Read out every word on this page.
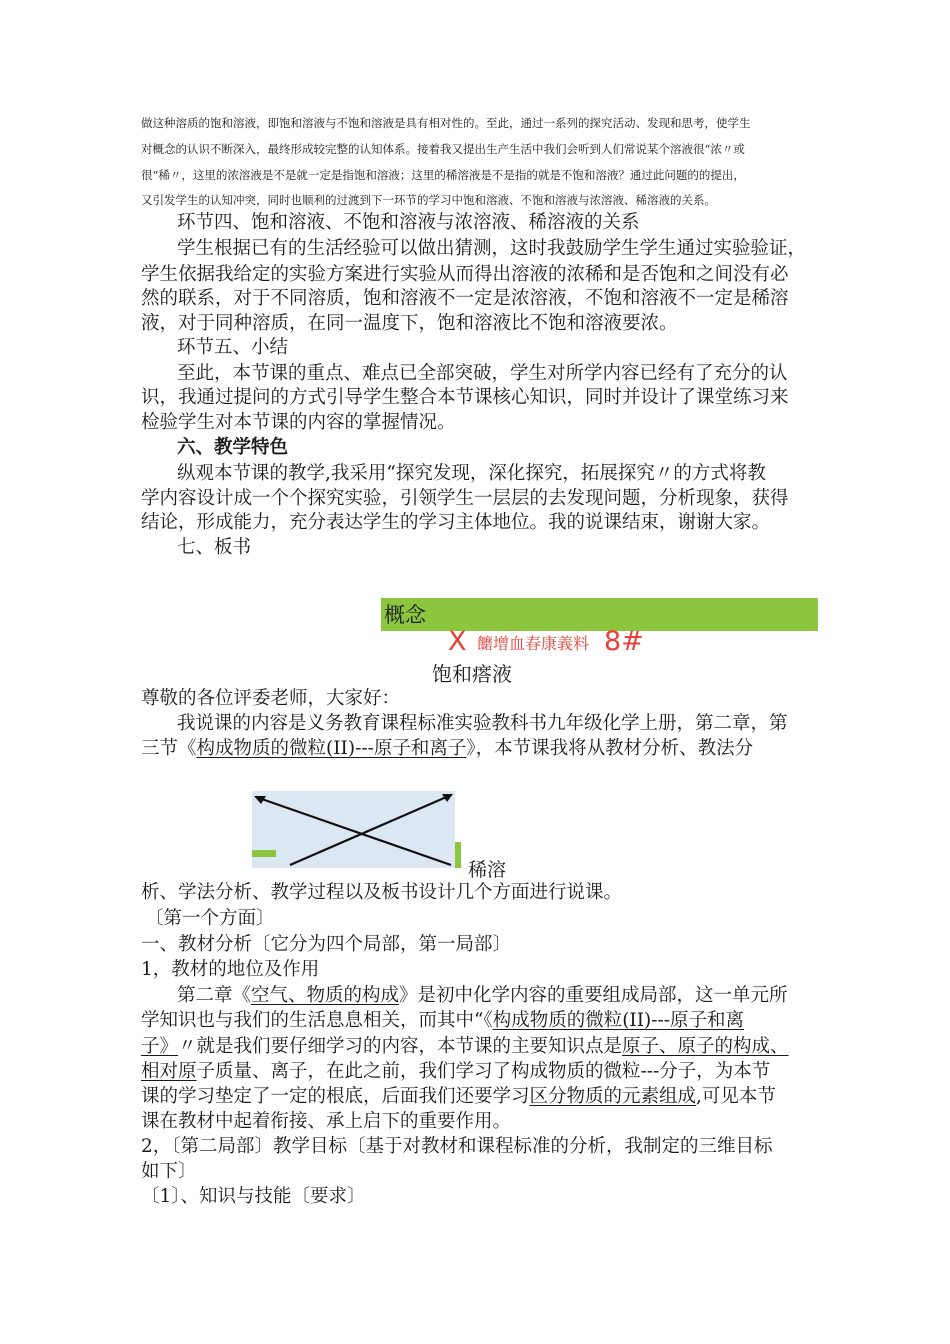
做这种溶质的饱和溶液，即饱和溶液与不饱和溶液是具有相对性的。至此，通过一系列的探究活动、发现和思考，使学生
对概念的认识不断深入，最终形成较完整的认知体系。接着我又提出生产生活中我们会听到人们常说某个溶液很“浓〃或
很“稀〃，这里的浓溶液是不是就一定是指饱和溶液；这里的稀溶液是不是指的就是不饱和溶液？通过此问题的的提出，
又引发学生的认知冲突，同时也顺利的过渡到下一环节的学习中饱和溶液、不饱和溶液与浓溶液、稀溶液的关系。
环节四、饱和溶液、不饱和溶液与浓溶液、稀溶液的关系
学生根据已有的生活经验可以做出猜测，这时我鼓励学生学生通过实验验证，
学生依据我给定的实验方案进行实验从而得出溶液的浓稀和是否饱和之间没有必
然的联系，对于不同溶质，饱和溶液不一定是浓溶液，不饱和溶液不一定是稀溶
液，对于同种溶质，在同一温度下，饱和溶液比不饱和溶液要浓。
环节五、小结
至此，本节课的重点、难点已全部突破，学生对所学内容已经有了充分的认
识，我通过提问的方式引导学生整合本节课核心知识，同时并设计了课堂练习来
检验学生对本节课的内容的掌握情况。
六、教学特色
纵观本节课的教学,我采用“探究发现，深化探究，拓展探究〃的方式将教
学内容设计成一个个探究实验，引领学生一层层的去发现问题，分析现象，获得
结论，形成能力，充分表达学生的学习主体地位。我的说课结束，谢谢大家。
七、板书
概念
X 饝增血春康義料 8#
饱和瘩液
尊敬的各位评委老师，大家好：
我说课的内容是义务教育课程标准实验教科书九年级化学上册，第二章，第
三节《构成物质的微粒(II)---原子和离子》，本节课我将从教材分析、教法分
稀溶
析、学法分析、教学过程以及板书设计几个方面进行说课。
〔第一个方面〕
一、教材分析〔它分为四个局部，第一局部〕
1，教材的地位及作用
第二章《空气、物质的构成》是初中化学内容的重要组成局部，这一单元所
学知识也与我们的生活息息相关，而其中“《构成物质的微粒(II)---原子和离
子》〃就是我们要仔细学习的内容，本节课的主要知识点是原子、原子的构成、
相对原子质量、离子，在此之前，我们学习了构成物质的微粒---分子，为本节
课的学习垫定了一定的根底，后面我们还要学习区分物质的元素组成,可见本节
课在教材中起着衔接、承上启下的重要作用。
2，〔第二局部〕教学目标〔基于对教材和课程标准的分析，我制定的三维目标
如下〕
〔1〕、知识与技能〔要求〕
